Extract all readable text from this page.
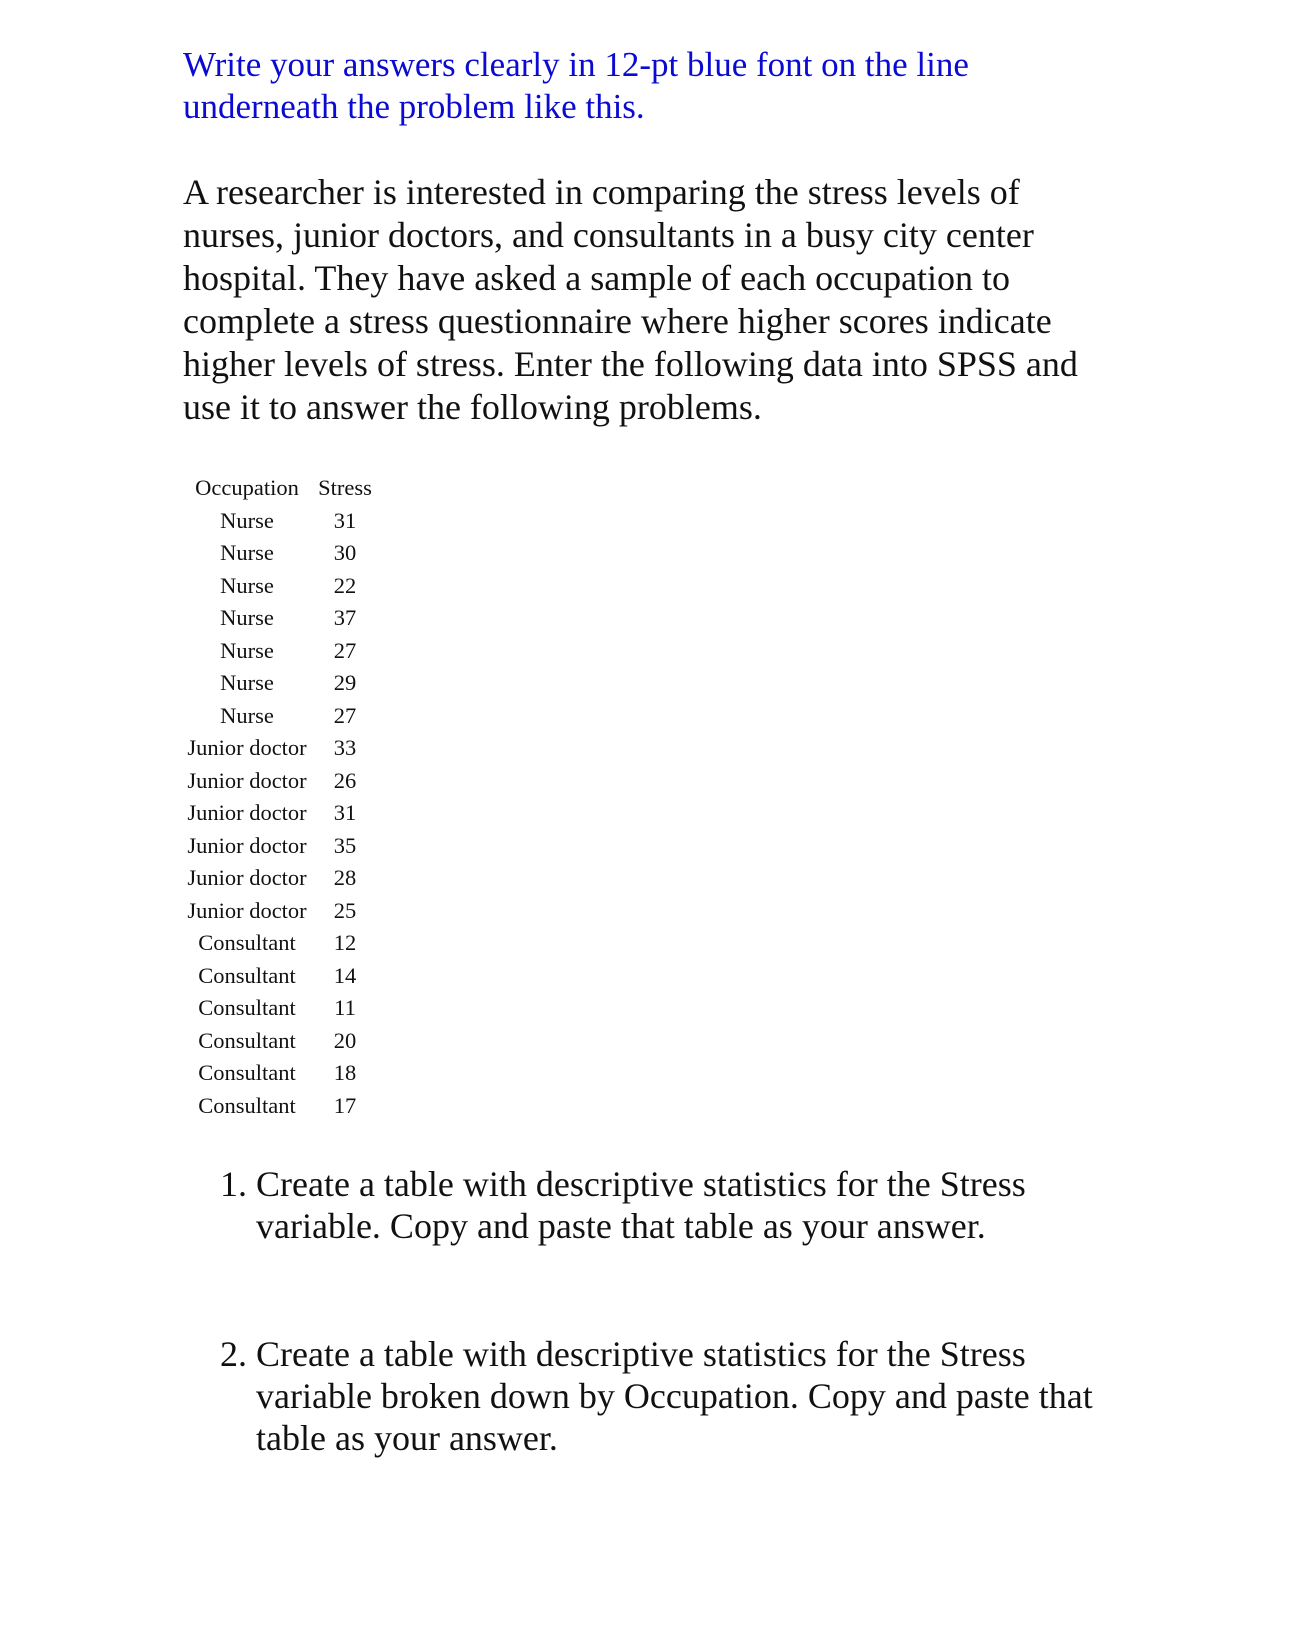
Write your answers clearly in 12-pt blue font on the line underneath the problem like this.

A researcher is interested in comparing the stress levels of nurses, junior doctors, and consultants in a busy city center hospital. They have asked a sample of each occupation to complete a stress questionnaire where higher scores indicate higher levels of stress. Enter the following data into SPSS and use it to answer the following problems.

Occupation	Stress
Nurse	31
Nurse	30
Nurse	22
Nurse	37
Nurse	27
Nurse	29
Nurse	27
Junior doctor	33
Junior doctor	26
Junior doctor	31
Junior doctor	35
Junior doctor	28
Junior doctor	25
Consultant	12
Consultant	14
Consultant	11
Consultant	20
Consultant	18
Consultant	17
1. Create a table with descriptive statistics for the Stress variable. Copy and paste that table as your answer.
2. Create a table with descriptive statistics for the Stress variable broken down by Occupation. Copy and paste that table as your answer.
